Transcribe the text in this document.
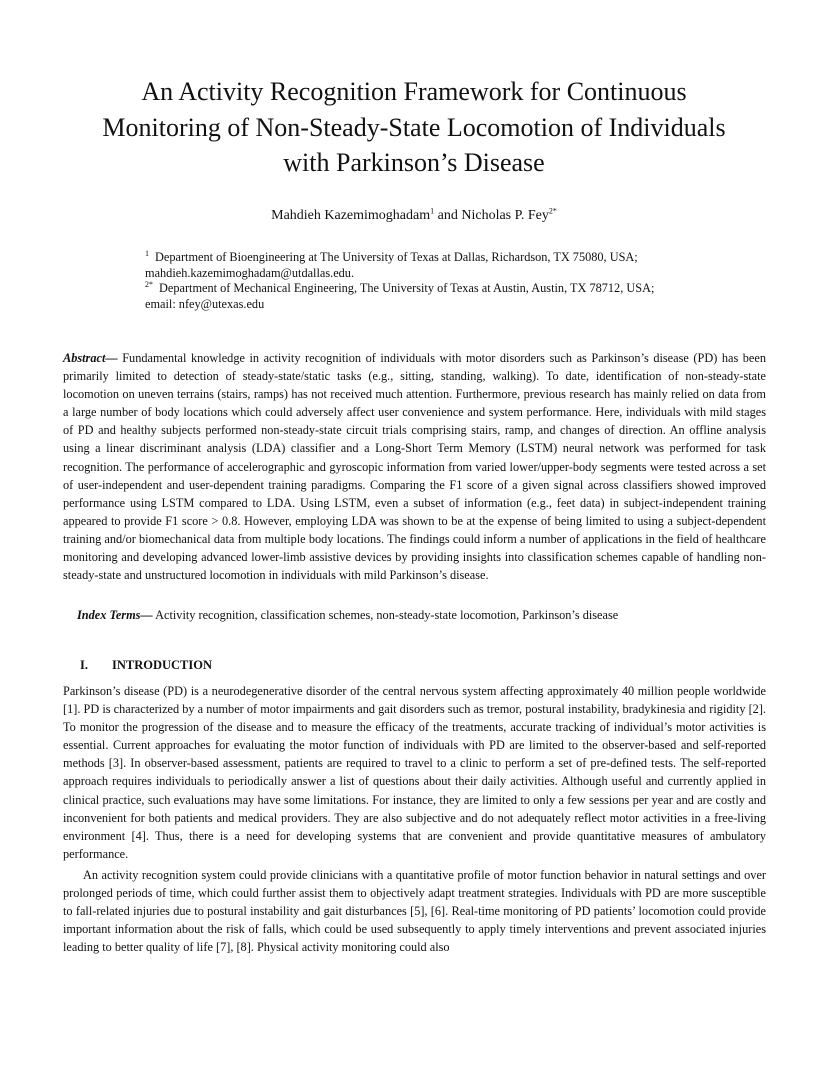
An Activity Recognition Framework for Continuous
Monitoring of Non-Steady-State Locomotion of Individuals
with Parkinson’s Disease
Mahdieh Kazemimoghadam$^1$ and Nicholas P. Fey$^{2*}$
$^1$ Department of Bioengineering at The University of Texas at Dallas, Richardson, TX 75080, USA;
mahdieh.kazemimoghadam@utdallas.edu.
$^{2*}$ Department of Mechanical Engineering, The University of Texas at Austin, Austin, TX 78712, USA;
email: nfey@utexas.edu

Abstract— Fundamental knowledge in activity recognition of individuals with motor disorders such as Parkinson’s disease (PD) has been primarily limited to detection of steady-state/static tasks (e.g., sitting, standing, walking). To date, identification of non-steady-state locomotion on uneven terrains (stairs, ramps) has not received much attention. Furthermore, previous research has mainly relied on data from a large number of body locations which could adversely affect user convenience and system performance. Here, individuals with mild stages of PD and healthy subjects performed non-steady-state circuit trials comprising stairs, ramp, and changes of direction. An offline analysis using a linear discriminant analysis (LDA) classifier and a Long-Short Term Memory (LSTM) neural network was performed for task recognition. The performance of accelerographic and gyroscopic information from varied lower/upper-body segments were tested across a set of user-independent and user-dependent training paradigms. Comparing the F1 score of a given signal across classifiers showed improved performance using LSTM compared to LDA. Using LSTM, even a subset of information (e.g., feet data) in subject-independent training appeared to provide F1 score > 0.8. However, employing LDA was shown to be at the expense of being limited to using a subject-dependent training and/or biomechanical data from multiple body locations. The findings could inform a number of applications in the field of healthcare monitoring and developing advanced lower-limb assistive devices by providing insights into classification schemes capable of handling non-steady-state and unstructured locomotion in individuals with mild Parkinson’s disease.

Index Terms— Activity recognition, classification schemes, non-steady-state locomotion, Parkinson’s disease
I. INTRODUCTION

Parkinson’s disease (PD) is a neurodegenerative disorder of the central nervous system affecting approximately 40 million people worldwide [1]. PD is characterized by a number of motor impairments and gait disorders such as tremor, postural instability, bradykinesia and rigidity [2]. To monitor the progression of the disease and to measure the efficacy of the treatments, accurate tracking of individual’s motor activities is essential. Current approaches for evaluating the motor function of individuals with PD are limited to the observer-based and self-reported methods [3]. In observer-based assessment, patients are required to travel to a clinic to perform a set of pre-defined tests. The self-reported approach requires individuals to periodically answer a list of questions about their daily activities. Although useful and currently applied in clinical practice, such evaluations may have some limitations. For instance, they are limited to only a few sessions per year and are costly and inconvenient for both patients and medical providers. They are also subjective and do not adequately reflect motor activities in a free-living environment [4]. Thus, there is a need for developing systems that are convenient and provide quantitative measures of ambulatory performance.

An activity recognition system could provide clinicians with a quantitative profile of motor function behavior in natural settings and over prolonged periods of time, which could further assist them to objectively adapt treatment strategies. Individuals with PD are more susceptible to fall-related injuries due to postural instability and gait disturbances [5], [6]. Real-time monitoring of PD patients’ locomotion could provide important information about the risk of falls, which could be used subsequently to apply timely interventions and prevent associated injuries leading to better quality of life [7], [8]. Physical activity monitoring could also
